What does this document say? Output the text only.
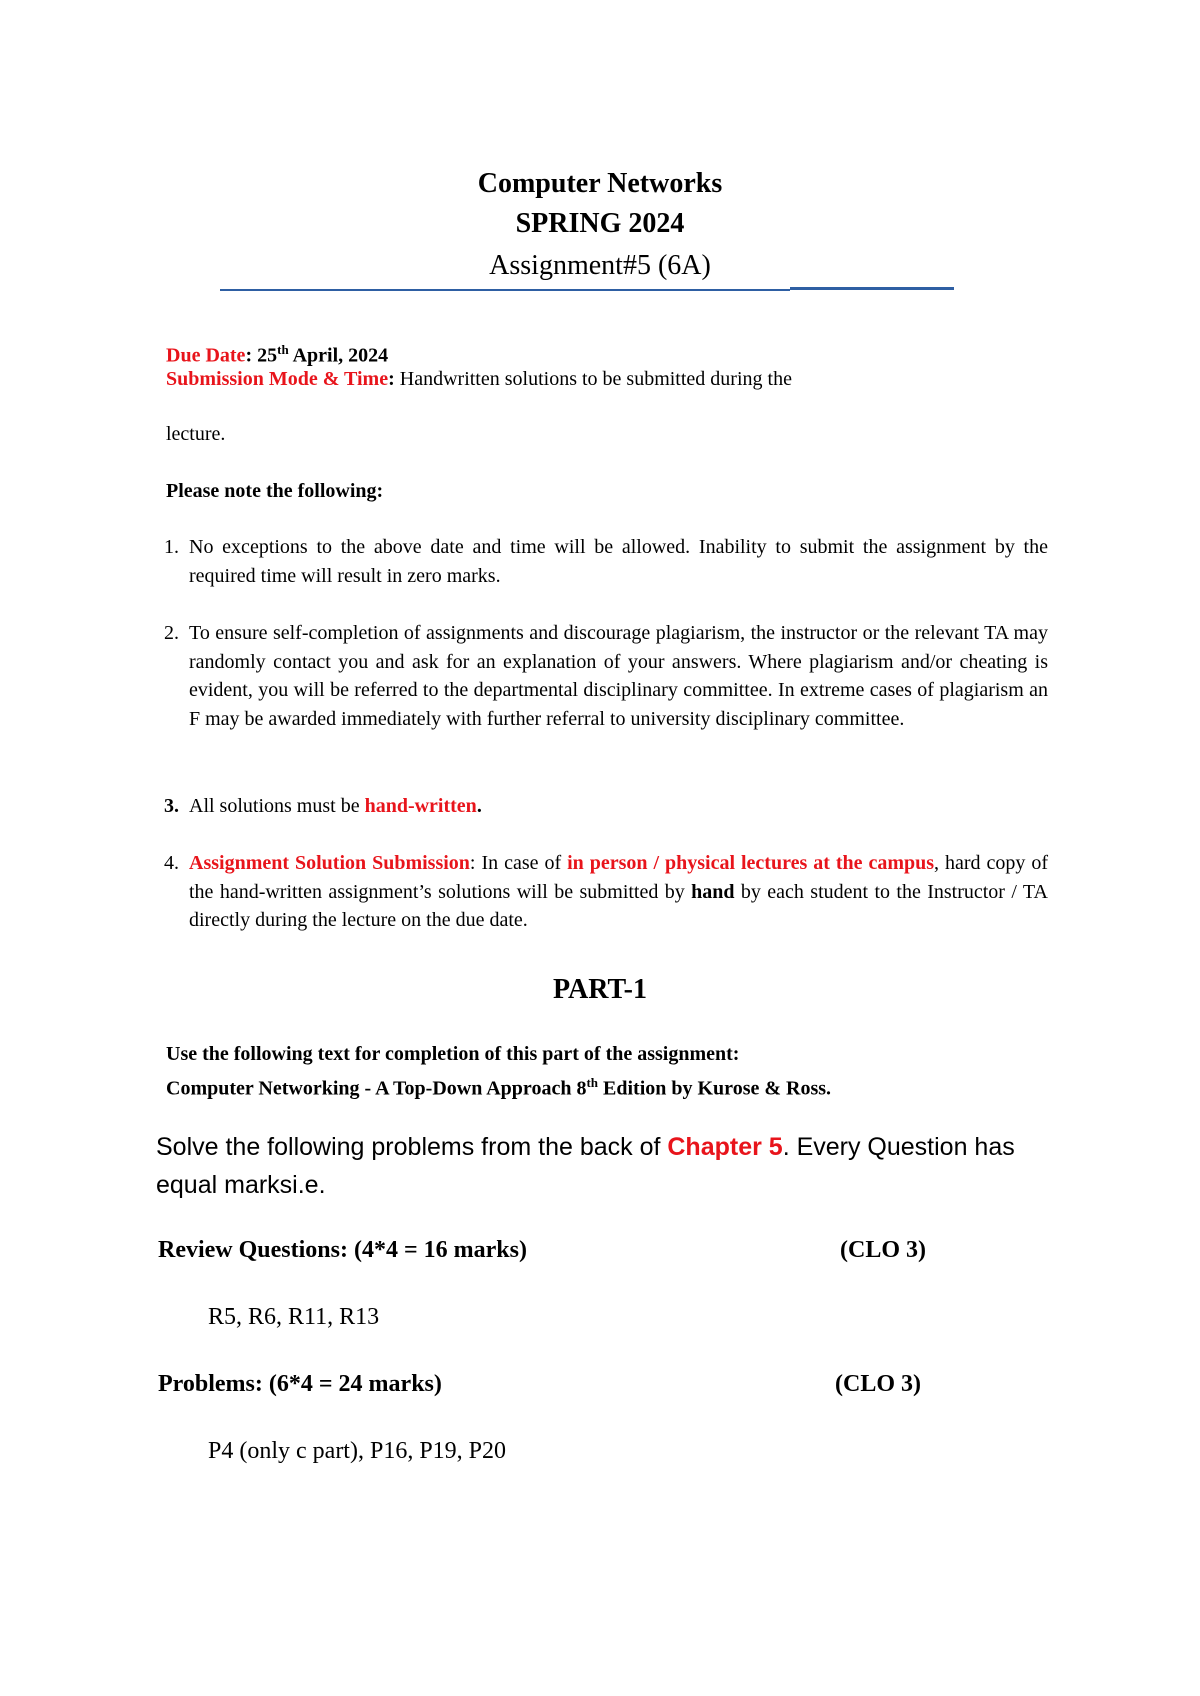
Computer Networks
SPRING 2024
Assignment#5 (6A)
Due Date: 25th April, 2024
Submission Mode & Time: Handwritten solutions to be submitted during the
lecture.
Please note the following:
1. No exceptions to the above date and time will be allowed. Inability to submit the assignment by the required time will result in zero marks.
2. To ensure self-completion of assignments and discourage plagiarism, the instructor or the relevant TA may randomly contact you and ask for an explanation of your answers. Where plagiarism and/or cheating is evident, you will be referred to the departmental disciplinary committee. In extreme cases of plagiarism an F may be awarded immediately with further referral to university disciplinary committee.
3. All solutions must be hand-written.
4. Assignment Solution Submission: In case of in person / physical lectures at the campus, hard copy of the hand-written assignment’s solutions will be submitted by hand by each student to the Instructor / TA directly during the lecture on the due date.
PART-1
Use the following text for completion of this part of the assignment:
Computer Networking - A Top-Down Approach 8th Edition by Kurose & Ross.
Solve the following problems from the back of Chapter 5. Every Question has
equal marksi.e.
Review Questions: (4*4 = 16 marks)	(CLO 3)
R5, R6, R11, R13
Problems: (6*4 = 24 marks)	(CLO 3)
P4 (only c part), P16, P19, P20
